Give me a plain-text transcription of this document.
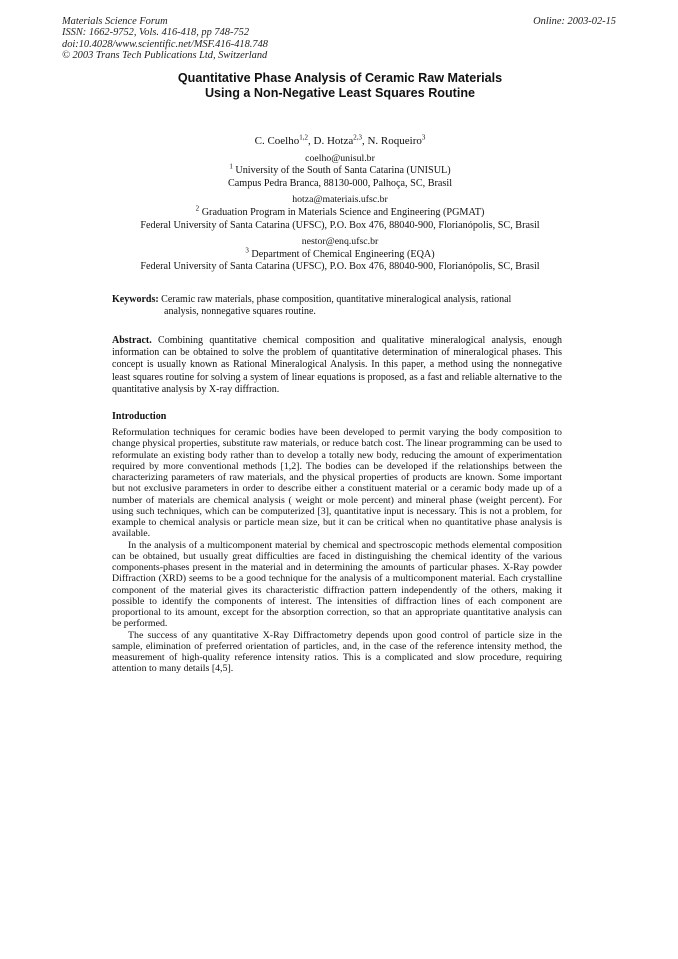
Materials Science Forum
ISSN: 1662-9752, Vols. 416-418, pp 748-752
doi:10.4028/www.scientific.net/MSF.416-418.748
© 2003 Trans Tech Publications Ltd, Switzerland
Online: 2003-02-15
Quantitative Phase Analysis of Ceramic Raw Materials
Using a Non-Negative Least Squares Routine
C. Coelho$^{1,2}$, D. Hotza$^{2,3}$, N. Roqueiro$^3$
coelho@unisul.br
$^1$ University of the South of Santa Catarina (UNISUL)
Campus Pedra Branca, 88130-000, Palhoça, SC, Brasil
hotza@materiais.ufsc.br
$^2$ Graduation Program in Materials Science and Engineering (PGMAT)
Federal University of Santa Catarina (UFSC), P.O. Box 476, 88040-900, Florianópolis, SC, Brasil
nestor@enq.ufsc.br
$^3$ Department of Chemical Engineering (EQA)
Federal University of Santa Catarina (UFSC), P.O. Box 476, 88040-900, Florianópolis, SC, Brasil
Keywords: Ceramic raw materials, phase composition, quantitative mineralogical analysis, rational
analysis, nonnegative squares routine.
Abstract. Combining quantitative chemical composition and qualitative mineralogical analysis, enough information can be obtained to solve the problem of quantitative determination of mineralogical phases. This concept is usually known as Rational Mineralogical Analysis. In this paper, a method using the nonnegative least squares routine for solving a system of linear equations is proposed, as a fast and reliable alternative to the quantitative analysis by X-ray diffraction.
Introduction

Reformulation techniques for ceramic bodies have been developed to permit varying the body composition to change physical properties, substitute raw materials, or reduce batch cost. The linear programming can be used to reformulate an existing body rather than to develop a totally new body, reducing the amount of experimentation required by more conventional methods [1,2]. The bodies can be developed if the relationships between the characterizing parameters of raw materials, and the physical properties of products are known. Some important but not exclusive parameters in order to describe either a constituent material or a ceramic body made up of a number of materials are chemical analysis ( weight or mole percent) and mineral phase (weight percent). For using such techniques, which can be computerized [3], quantitative input is necessary. This is not a problem, for example to chemical analysis or particle mean size, but it can be critical when no quantitative phase analysis is available.

In the analysis of a multicomponent material by chemical and spectroscopic methods elemental composition can be obtained, but usually great difficulties are faced in distinguishing the chemical identity of the various components-phases present in the material and in determining the amounts of particular phases. X-Ray powder Diffraction (XRD) seems to be a good technique for the analysis of a multicomponent material. Each crystalline component of the material gives its characteristic diffraction pattern independently of the others, making it possible to identify the components of interest. The intensities of diffraction lines of each component are proportional to its amount, except for the absorption correction, so that an appropriate quantitative analysis can be performed.

The success of any quantitative X-Ray Diffractometry depends upon good control of particle size in the sample, elimination of preferred orientation of particles, and, in the case of the reference intensity method, the measurement of high-quality reference intensity ratios. This is a complicated and slow procedure, requiring attention to many details [4,5].
